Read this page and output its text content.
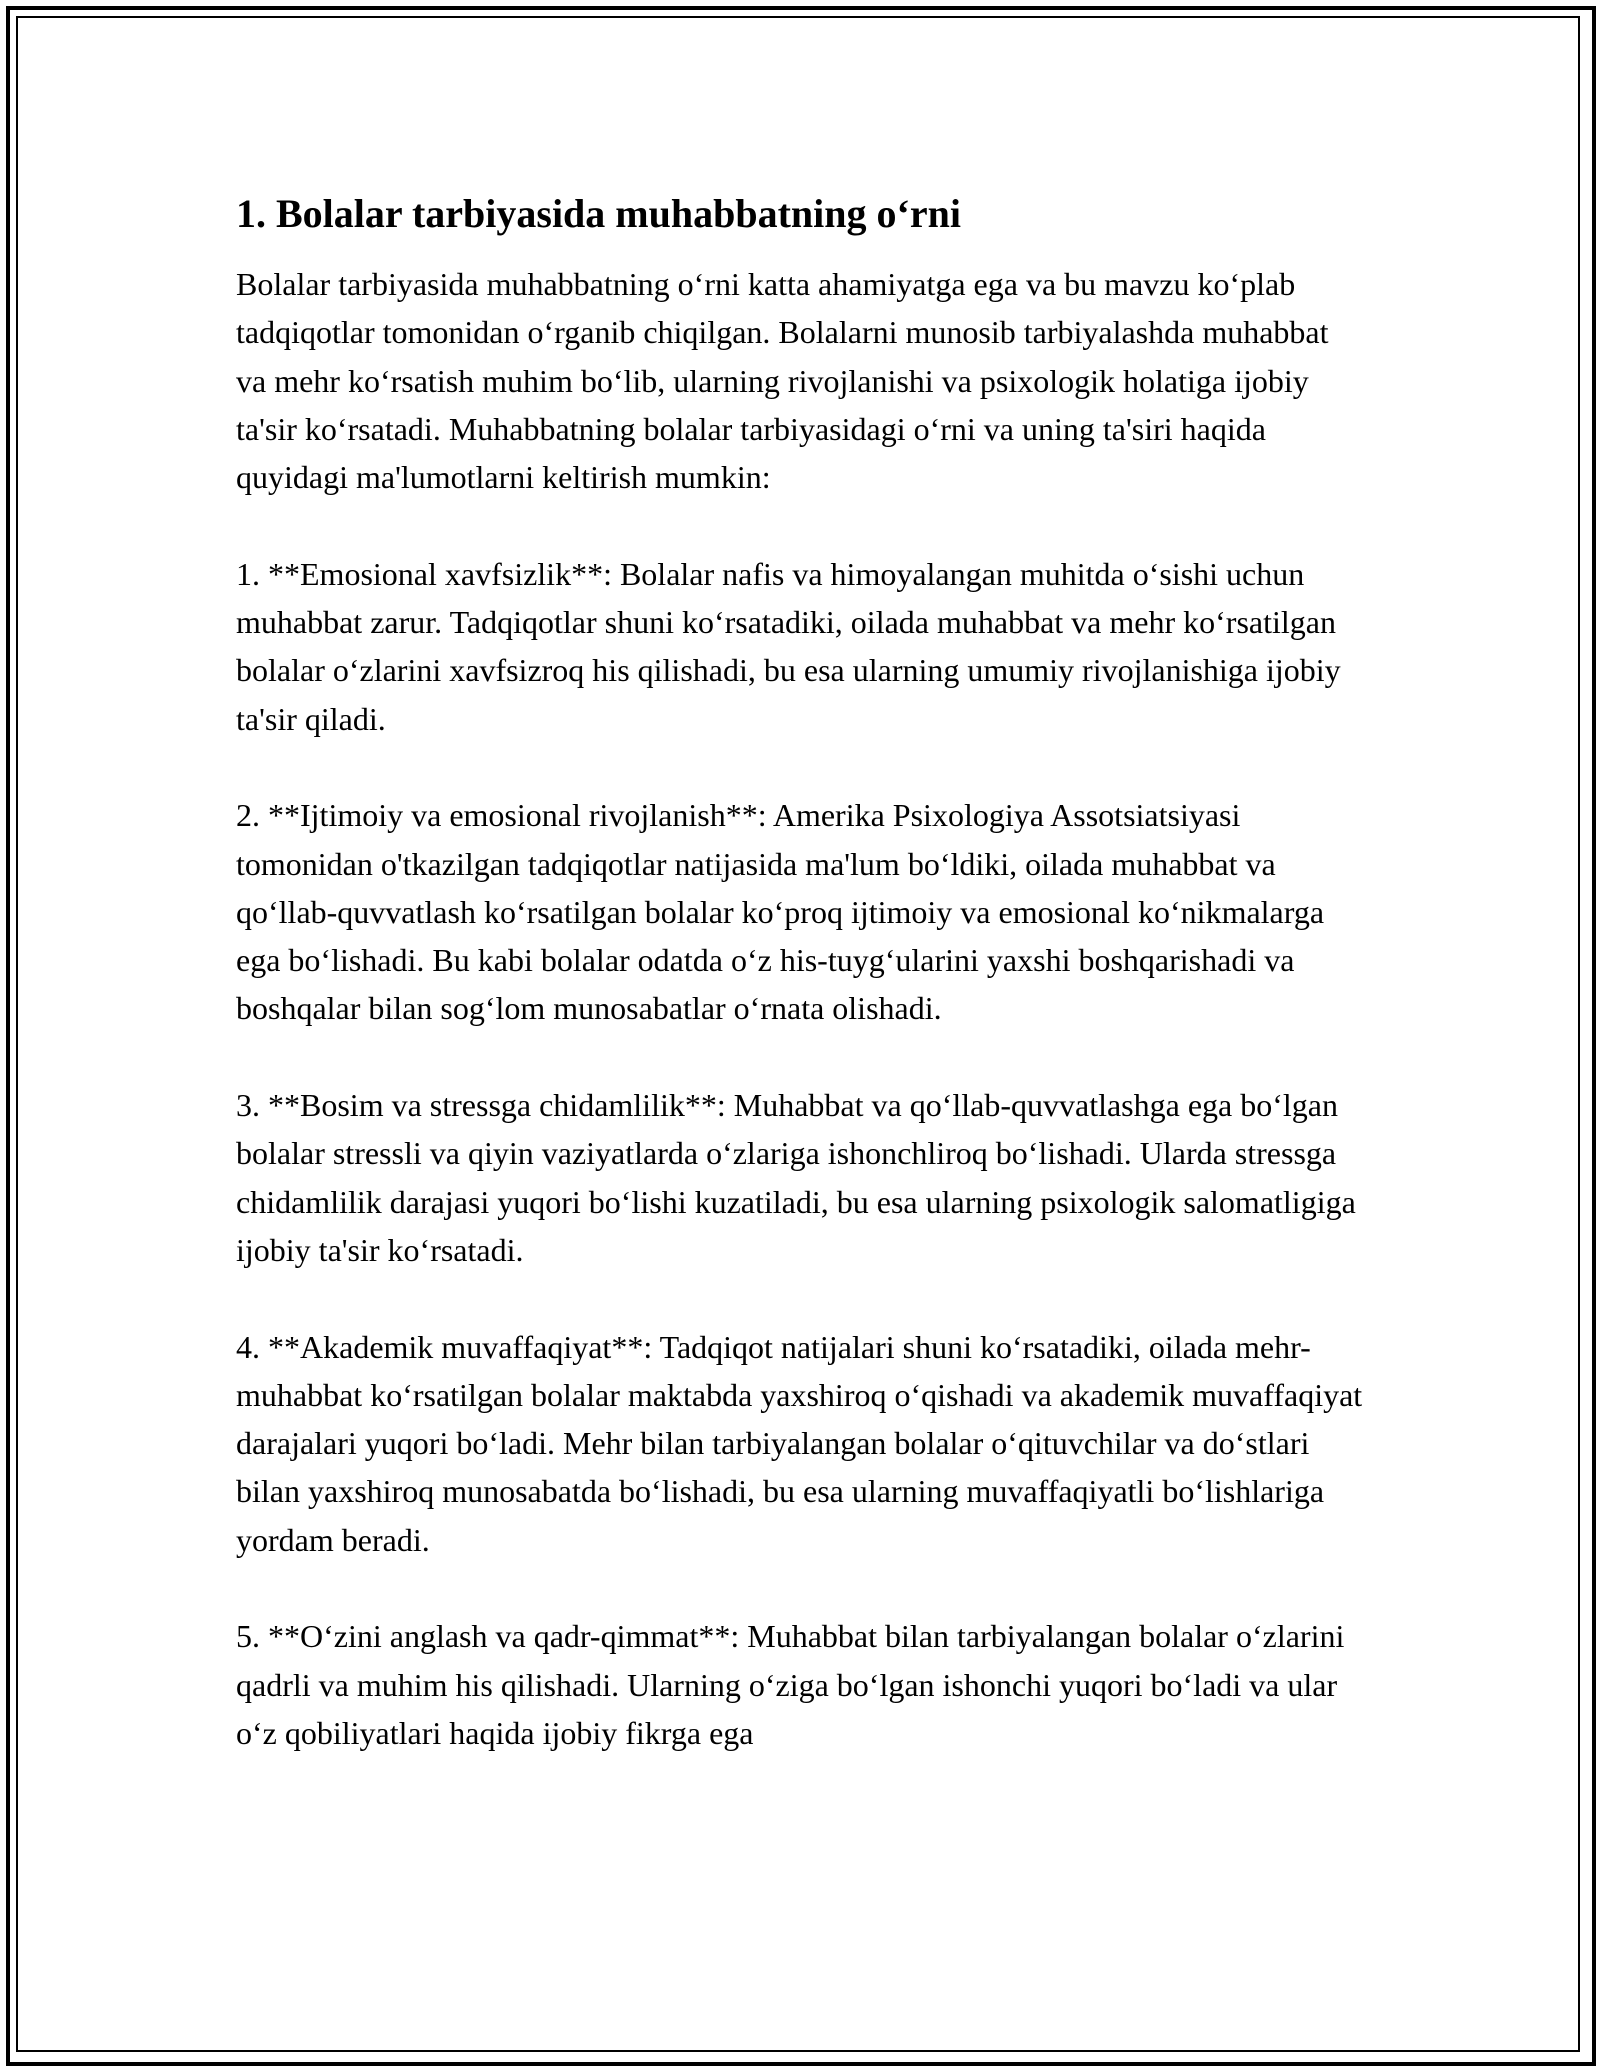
1. Bolalar tarbiyasida muhabbatning o‘rni

Bolalar tarbiyasida muhabbatning o‘rni katta ahamiyatga ega va bu mavzu ko‘plab tadqiqotlar tomonidan o‘rganib chiqilgan. Bolalarni munosib tarbiyalashda muhabbat va mehr ko‘rsatish muhim bo‘lib, ularning rivojlanishi va psixologik holatiga ijobiy ta'sir ko‘rsatadi. Muhabbatning bolalar tarbiyasidagi o‘rni va uning ta'siri haqida quyidagi ma'lumotlarni keltirish mumkin:

1. **Emosional xavfsizlik**: Bolalar nafis va himoyalangan muhitda o‘sishi uchun muhabbat zarur. Tadqiqotlar shuni ko‘rsatadiki, oilada muhabbat va mehr ko‘rsatilgan bolalar o‘zlarini xavfsizroq his qilishadi, bu esa ularning umumiy rivojlanishiga ijobiy ta'sir qiladi.

2. **Ijtimoiy va emosional rivojlanish**: Amerika Psixologiya Assotsiatsiyasi tomonidan o'tkazilgan tadqiqotlar natijasida ma'lum bo‘ldiki, oilada muhabbat va qo‘llab-quvvatlash ko‘rsatilgan bolalar ko‘proq ijtimoiy va emosional ko‘nikmalarga ega bo‘lishadi. Bu kabi bolalar odatda o‘z his-tuyg‘ularini yaxshi boshqarishadi va boshqalar bilan sog‘lom munosabatlar o‘rnata olishadi.

3. **Bosim va stressga chidamlilik**: Muhabbat va qo‘llab-quvvatlashga ega bo‘lgan bolalar stressli va qiyin vaziyatlarda o‘zlariga ishonchliroq bo‘lishadi. Ularda stressga chidamlilik darajasi yuqori bo‘lishi kuzatiladi, bu esa ularning psixologik salomatligiga ijobiy ta'sir ko‘rsatadi.

4. **Akademik muvaffaqiyat**: Tadqiqot natijalari shuni ko‘rsatadiki, oilada mehr-muhabbat ko‘rsatilgan bolalar maktabda yaxshiroq o‘qishadi va akademik muvaffaqiyat darajalari yuqori bo‘ladi. Mehr bilan tarbiyalangan bolalar o‘qituvchilar va do‘stlari bilan yaxshiroq munosabatda bo‘lishadi, bu esa ularning muvaffaqiyatli bo‘lishlariga yordam beradi.

5. **O‘zini anglash va qadr-qimmat**: Muhabbat bilan tarbiyalangan bolalar o‘zlarini qadrli va muhim his qilishadi. Ularning o‘ziga bo‘lgan ishonchi yuqori bo‘ladi va ular o‘z qobiliyatlari haqida ijobiy fikrga ega
